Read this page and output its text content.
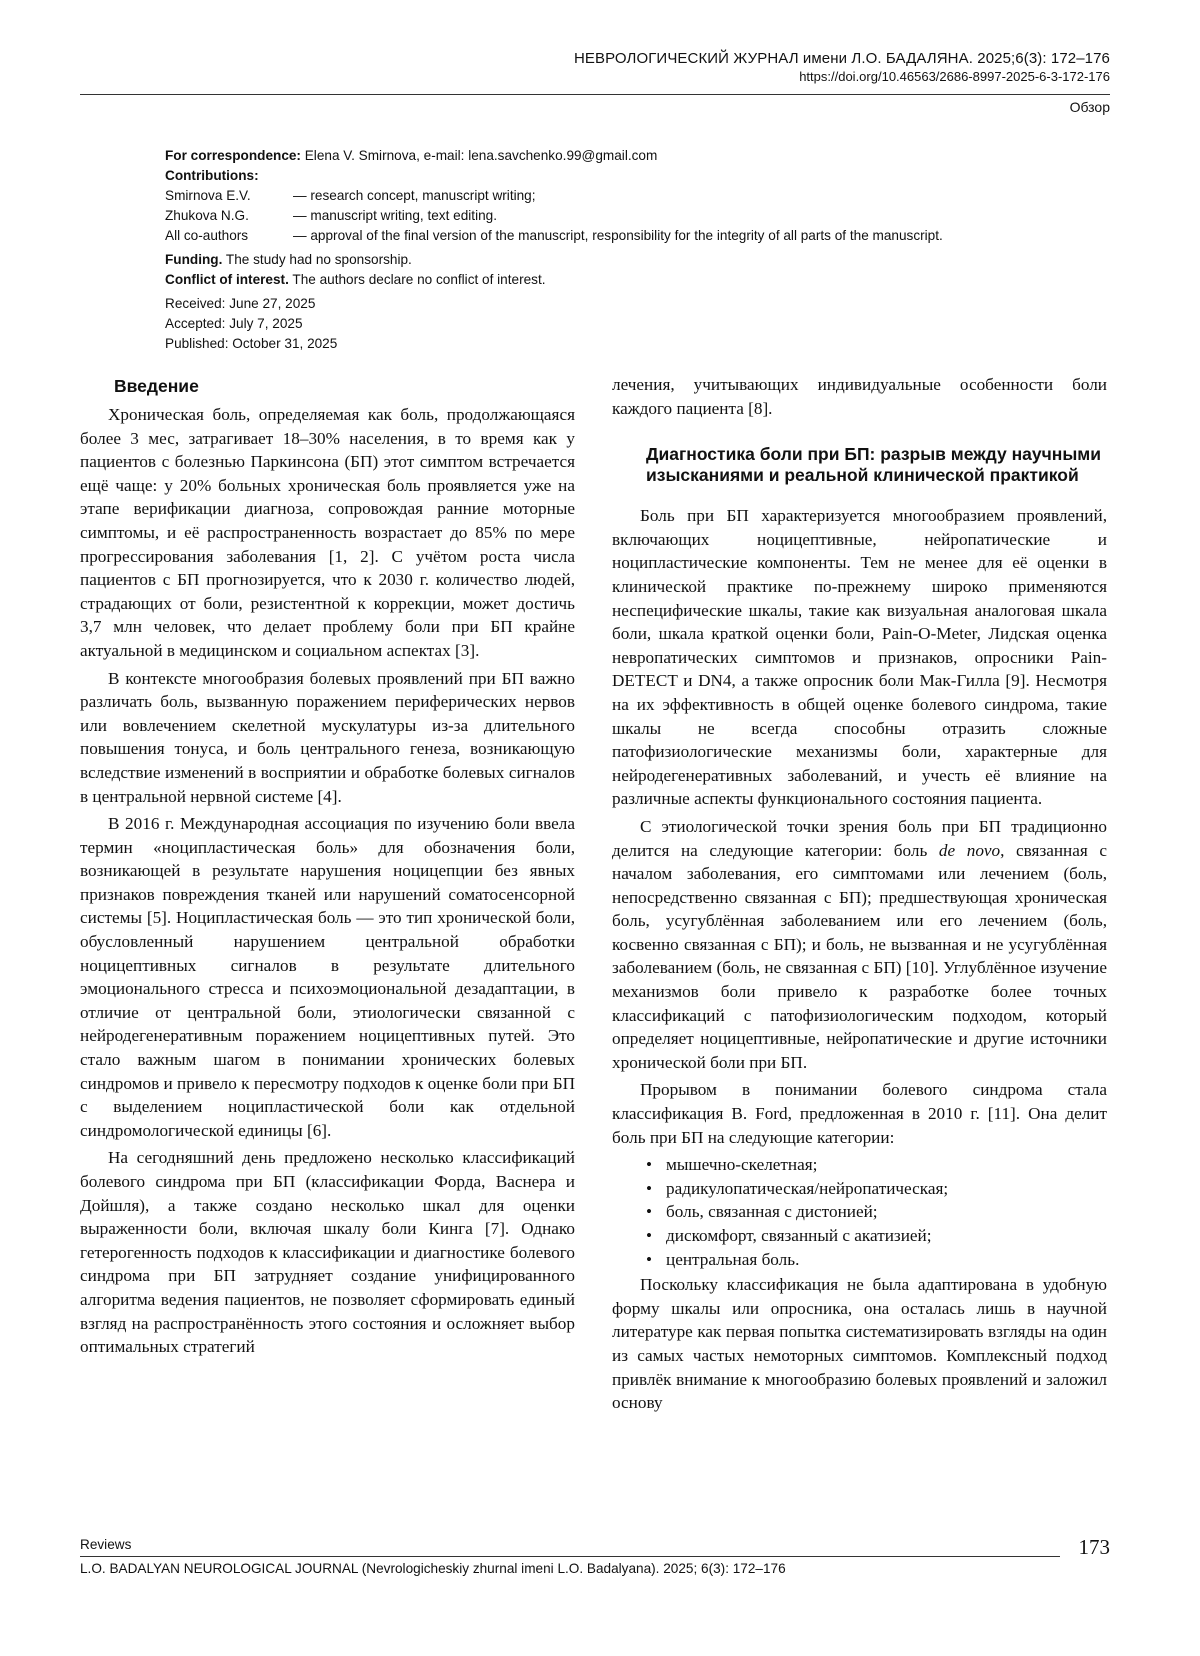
НЕВРОЛОГИЧЕСКИЙ ЖУРНАЛ имени Л.О. БАДАЛЯНА. 2025;6(3): 172–176
https://doi.org/10.46563/2686-8997-2025-6-3-172-176
Обзор
For correspondence: Elena V. Smirnova, e-mail: lena.savchenko.99@gmail.com
Contributions:
Smirnova E.V.	— research concept, manuscript writing;
Zhukova N.G.	— manuscript writing, text editing.
All co-authors	— approval of the final version of the manuscript, responsibility for the integrity of all parts of the manuscript.
Funding. The study had no sponsorship.
Conflict of interest. The authors declare no conflict of interest.
Received: June 27, 2025
Accepted: July 7, 2025
Published: October 31, 2025
Введение

Хроническая боль, определяемая как боль, продолжающаяся более 3 мес, затрагивает 18–30% населения, в то время как у пациентов с болезнью Паркинсона (БП) этот симптом встречается ещё чаще: у 20% больных хроническая боль проявляется уже на этапе верификации диагноза, сопровождая ранние моторные симптомы, и её распространенность возрастает до 85% по мере прогрессирования заболевания [1, 2]. С учётом роста числа пациентов с БП прогнозируется, что к 2030 г. количество людей, страдающих от боли, резистентной к коррекции, может достичь 3,7 млн человек, что делает проблему боли при БП крайне актуальной в медицинском и социальном аспектах [3].

В контексте многообразия болевых проявлений при БП важно различать боль, вызванную поражением периферических нервов или вовлечением скелетной мускулатуры из-за длительного повышения тонуса, и боль центрального генеза, возникающую вследствие изменений в восприятии и обработке болевых сигналов в центральной нервной системе [4].

В 2016 г. Международная ассоциация по изучению боли ввела термин «ноципластическая боль» для обозначения боли, возникающей в результате нарушения ноцицепции без явных признаков повреждения тканей или нарушений соматосенсорной системы [5]. Ноципластическая боль — это тип хронической боли, обусловленный нарушением центральной обработки ноцицептивных сигналов в результате длительного эмоционального стресса и психоэмоциональной дезадаптации, в отличие от центральной боли, этиологически связанной с нейродегенеративным поражением ноцицептивных путей. Это стало важным шагом в понимании хронических болевых синдромов и привело к пересмотру подходов к оценке боли при БП с выделением ноципластической боли как отдельной синдромологической единицы [6].

На сегодняшний день предложено несколько классификаций болевого синдрома при БП (классификации Форда, Васнера и Дойшля), а также создано несколько шкал для оценки выраженности боли, включая шкалу боли Кинга [7]. Однако гетерогенность подходов к классификации и диагностике болевого синдрома при БП затрудняет создание унифицированного алгоритма ведения пациентов, не позволяет сформировать единый взгляд на распространённость этого состояния и осложняет выбор оптимальных стратегий

лечения, учитывающих индивидуальные особенности боли каждого пациента [8].

Диагностика боли при БП: разрыв между научными изысканиями и реальной клинической практикой

Боль при БП характеризуется многообразием проявлений, включающих ноцицептивные, нейропатические и ноципластические компоненты. Тем не менее для её оценки в клинической практике по-прежнему широко применяются неспецифические шкалы, такие как визуальная аналоговая шкала боли, шкала краткой оценки боли, Pain-O-Meter, Лидская оценка невропатических симптомов и признаков, опросники Pain-DETECT и DN4, а также опросник боли Мак-Гилла [9]. Несмотря на их эффективность в общей оценке болевого синдрома, такие шкалы не всегда способны отразить сложные патофизиологические механизмы боли, характерные для нейродегенеративных заболеваний, и учесть её влияние на различные аспекты функционального состояния пациента.

С этиологической точки зрения боль при БП традиционно делится на следующие категории: боль de novo, связанная с началом заболевания, его симптомами или лечением (боль, непосредственно связанная с БП); предшествующая хроническая боль, усугублённая заболеванием или его лечением (боль, косвенно связанная с БП); и боль, не вызванная и не усугублённая заболеванием (боль, не связанная с БП) [10]. Углублённое изучение механизмов боли привело к разработке более точных классификаций с патофизиологическим подходом, который определяет ноцицептивные, нейропатические и другие источники хронической боли при БП.

Прорывом в понимании болевого синдрома стала классификация B. Ford, предложенная в 2010 г. [11]. Она делит боль при БП на следующие категории:

• мышечно-скелетная;
• радикулопатическая/нейропатическая;
• боль, связанная с дистонией;
• дискомфорт, связанный с акатизией;
• центральная боль.

Поскольку классификация не была адаптирована в удобную форму шкалы или опросника, она осталась лишь в научной литературе как первая попытка систематизировать взгляды на один из самых частых немоторных симптомов. Комплексный подход привлёк внимание к многообразию болевых проявлений и заложил основу

Reviews
L.O. BADALYAN NEUROLOGICAL JOURNAL (Nevrologicheskiy zhurnal imeni L.O. Badalyana). 2025; 6(3): 172–176
173
